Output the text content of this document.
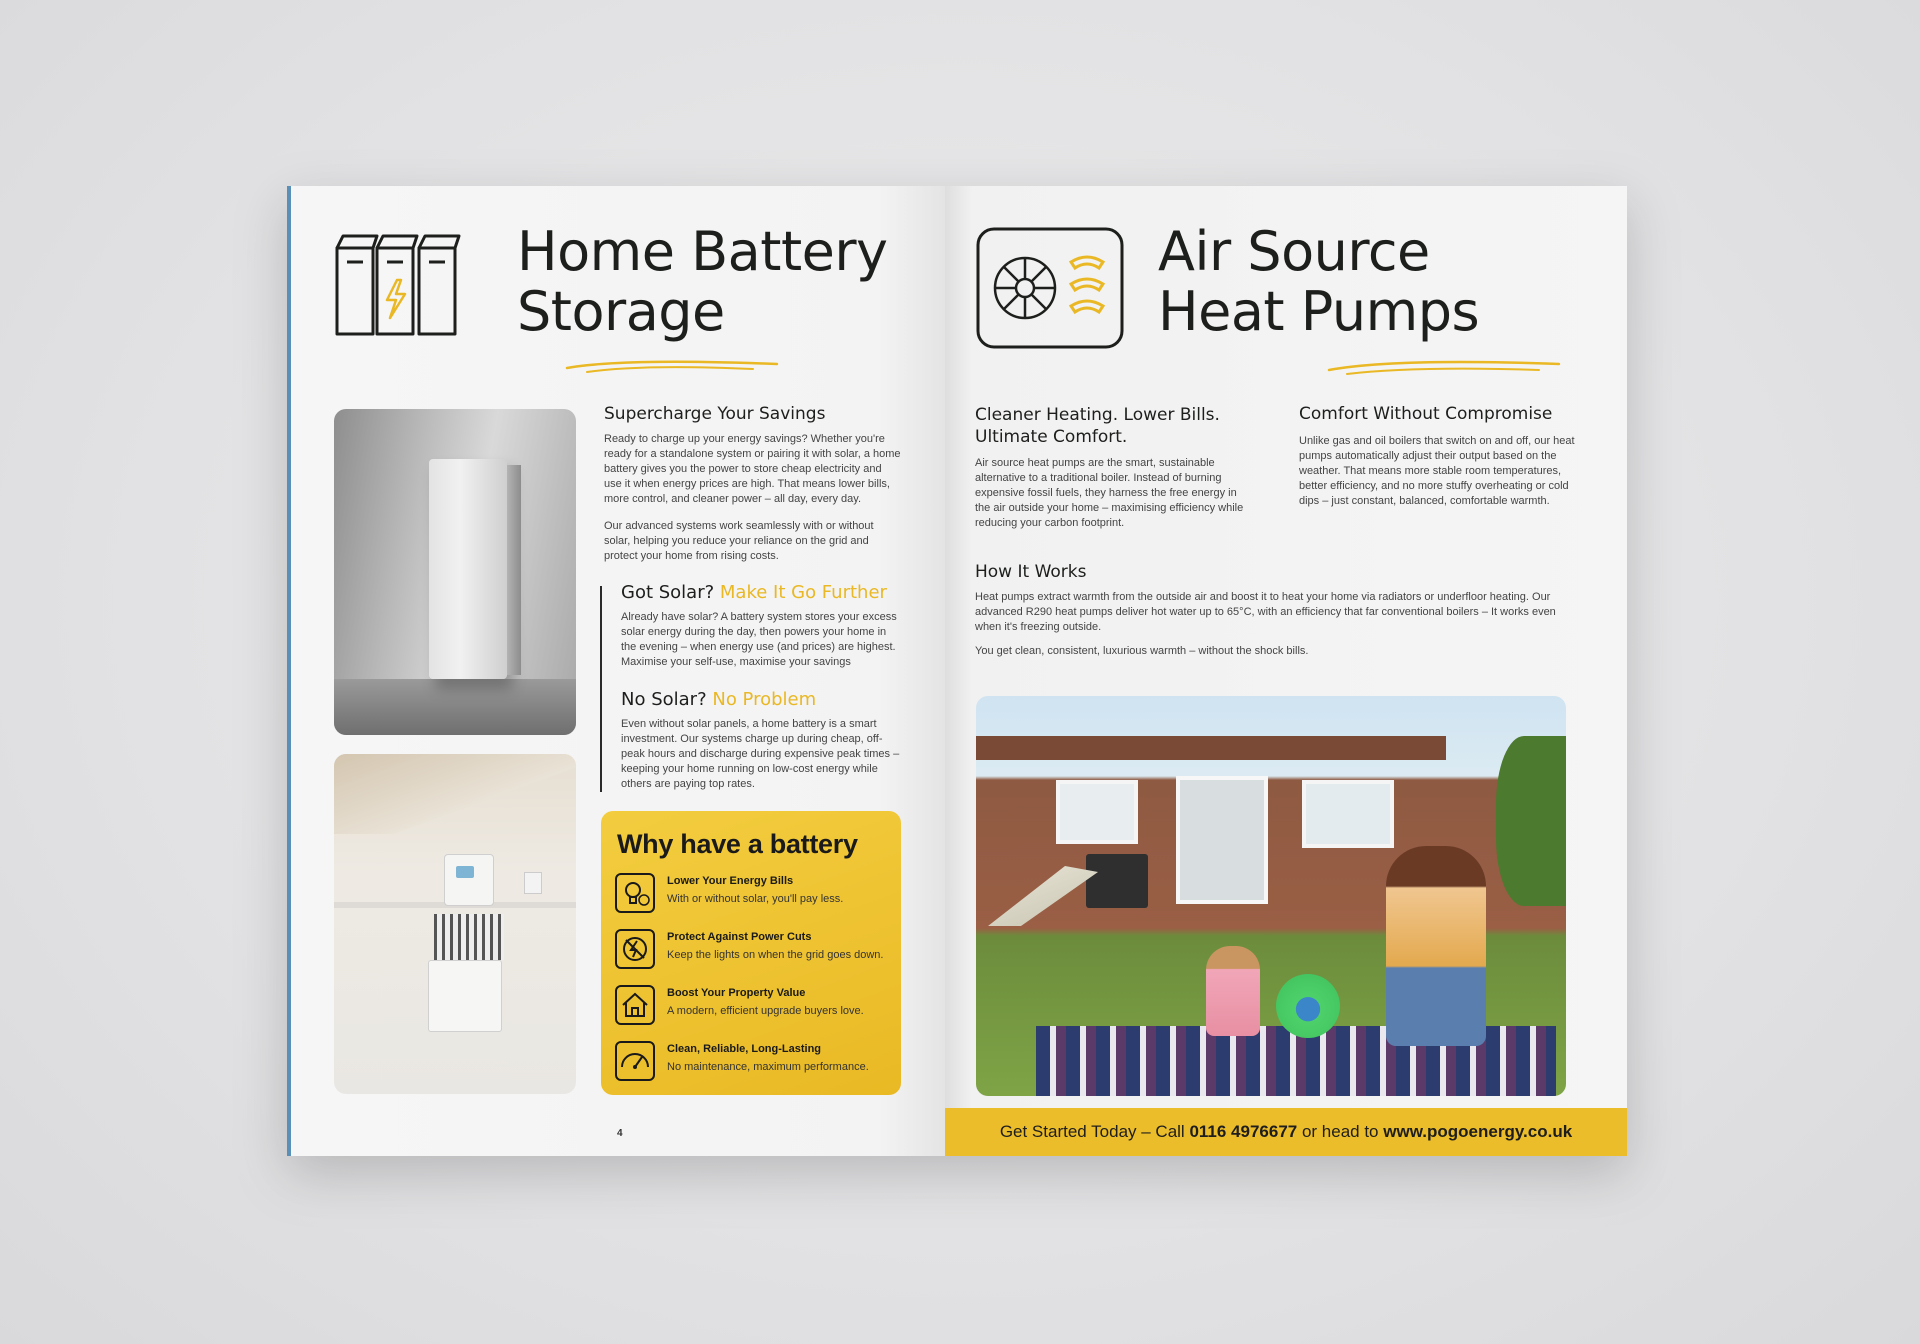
Home Battery
Storage
Supercharge Your Savings
Ready to charge up your energy savings? Whether you're ready for a standalone system or pairing it with solar, a home battery gives you the power to store cheap electricity and use it when energy prices are high. That means lower bills, more control, and cleaner power – all day, every day.
Our advanced systems work seamlessly with or without solar, helping you reduce your reliance on the grid and protect your home from rising costs.
Got Solar? Make It Go Further
Already have solar? A battery system stores your excess solar energy during the day, then powers your home in the evening – when energy use (and prices) are highest. Maximise your self-use, maximise your savings
No Solar? No Problem
Even without solar panels, a home battery is a smart investment. Our systems charge up during cheap, off-peak hours and discharge during expensive peak times – keeping your home running on low-cost energy while others are paying top rates.
Why have a battery
Lower Your Energy Bills
With or without solar, you'll pay less.
Protect Against Power Cuts
Keep the lights on when the grid goes down.
Boost Your Property Value
A modern, efficient upgrade buyers love.
Clean, Reliable, Long-Lasting
No maintenance, maximum performance.
4
Air Source
Heat Pumps
Cleaner Heating. Lower Bills.
Ultimate Comfort.
Air source heat pumps are the smart, sustainable alternative to a traditional boiler. Instead of burning expensive fossil fuels, they harness the free energy in the air outside your home – maximising efficiency while reducing your carbon footprint.
Comfort Without Compromise
Unlike gas and oil boilers that switch on and off, our heat pumps automatically adjust their output based on the weather. That means more stable room temperatures, better efficiency, and no more stuffy overheating or cold dips – just constant, balanced, comfortable warmth.
How It Works
Heat pumps extract warmth from the outside air and boost it to heat your home via radiators or underfloor heating. Our advanced R290 heat pumps deliver hot water up to 65°C, with an efficiency that far conventional boilers – It works even when it's freezing outside.
You get clean, consistent, luxurious warmth – without the shock bills.
Get Started Today – Call 0116 4976677 or head to www.pogoenergy.co.uk
